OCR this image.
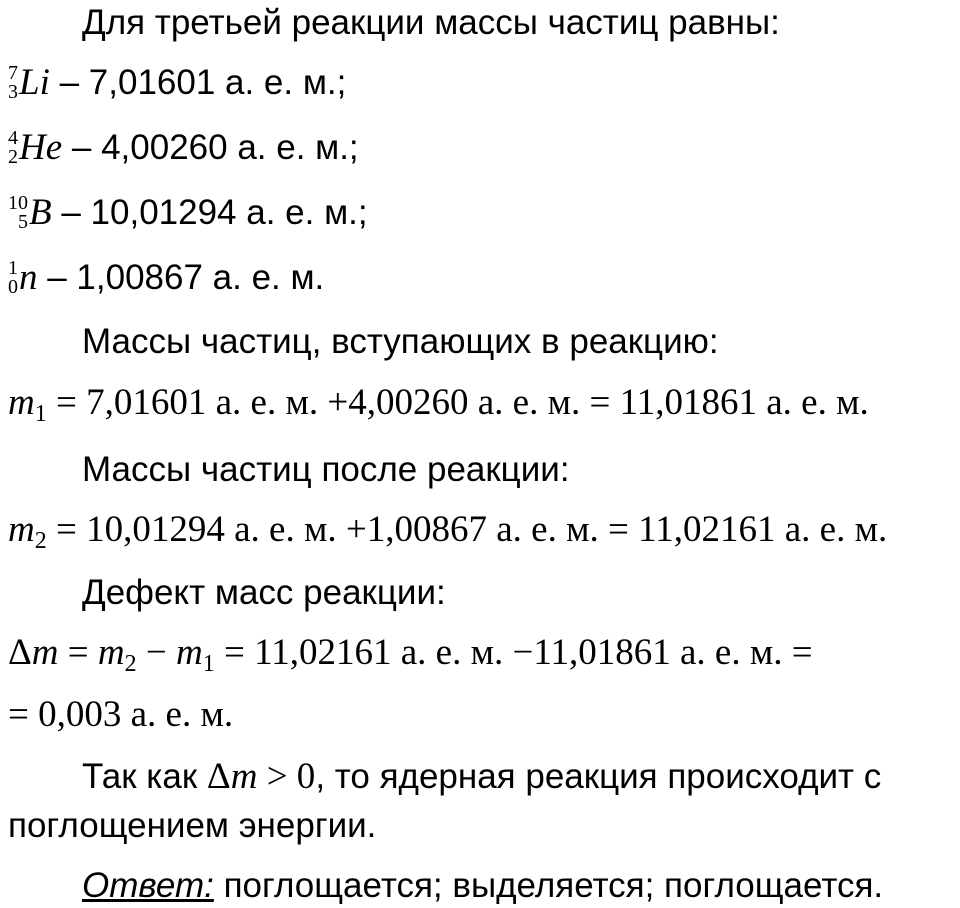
Для третьей реакции массы частиц равны:
7
3 Li – 7,01601 а. е. м.;
4
2 He – 4,00260 а. е. м.;
10
5 B – 10,01294 а. е. м.;
1
0 n – 1,00867 а. е. м.
Массы частиц, вступающих в реакцию:
$m_1 = 7,01601$ а. е. м. +4,00260 а. е. м. = 11,01861 а. е. м.
Массы частиц после реакции:
$m_2 = 10,01294$ а. е. м. +1,00867 а. е. м. = 11,02161 а. е. м.
Дефект масс реакции:
$\Delta m = m_2 - m_1 = 11,02161$ а. е. м. −11,01861 а. е. м. =
= 0,003 а. е. м.
Так как Δm > 0, то ядерная реакция происходит с
поглощением энергии.
Ответ: поглощается; выделяется; поглощается.
